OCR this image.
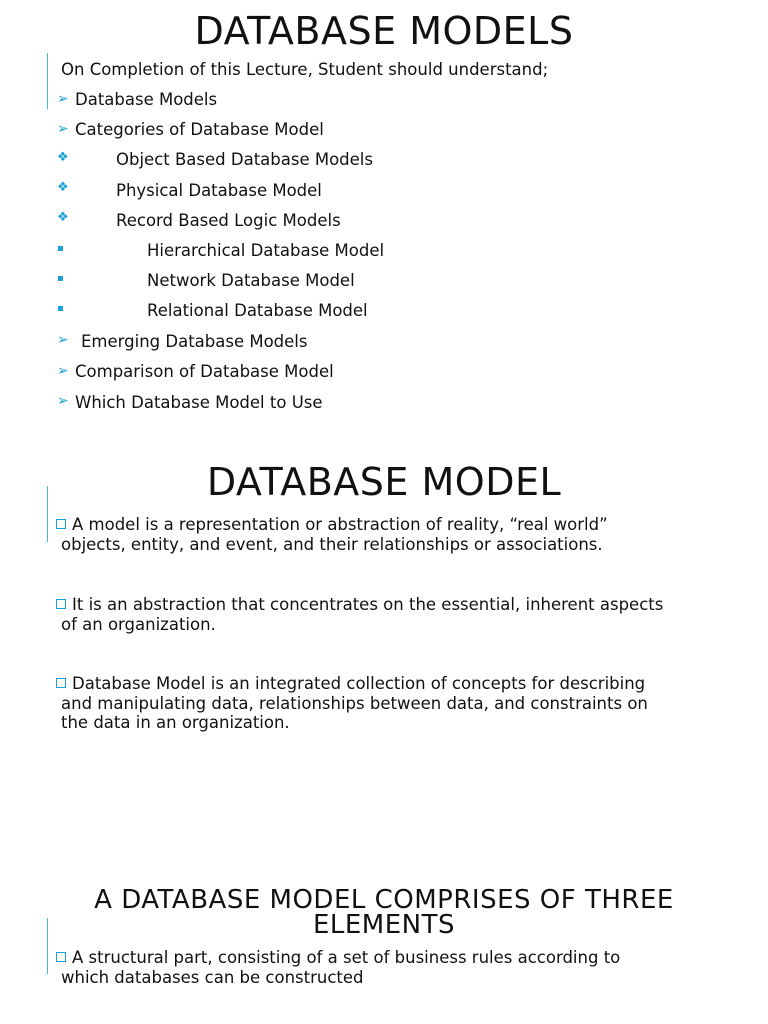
DATABASE MODELS
On Completion of this Lecture, Student should understand;
➢ Database Models
➢ Categories of Database Model
❖	Object Based Database Models
❖	Physical Database Model
❖	Record Based Logic Models
▪	Hierarchical Database Model
▪	Network Database Model
▪	Relational Database Model
➢ Emerging Database Models
➢ Comparison of Database Model
➢ Which Database Model to Use
DATABASE MODEL
A model is a representation or abstraction of reality, “real world”
objects, entity, and event, and their relationships or associations.
It is an abstraction that concentrates on the essential, inherent aspects
of an organization.
Database Model is an integrated collection of concepts for describing
and manipulating data, relationships between data, and constraints on
the data in an organization.
A DATABASE MODEL COMPRISES OF THREE
ELEMENTS
A structural part, consisting of a set of business rules according to
which databases can be constructed
